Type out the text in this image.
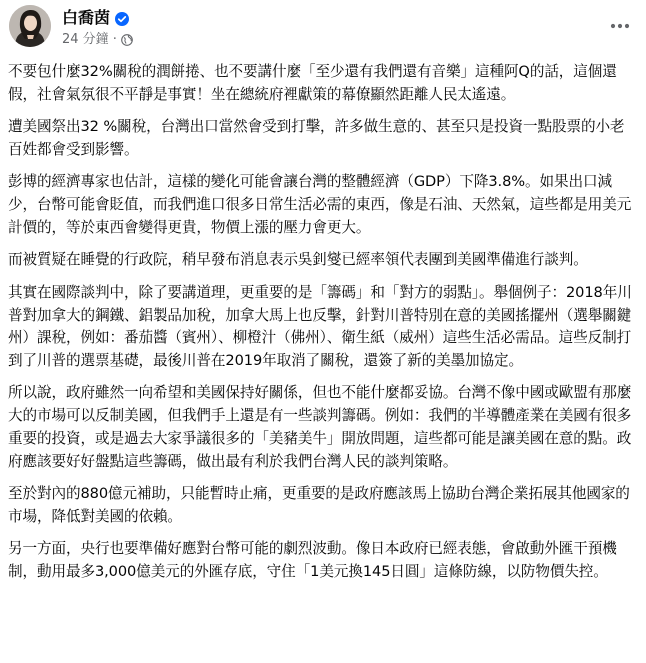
白喬茵
24 分鐘 ·

不要包什麼32%關稅的潤餅捲、也不要講什麼「至少還有我們還有音樂」這種阿Q的話，這個還假，社會氣氛很不平靜是事實！坐在總統府裡獻策的幕僚顯然距離人民太遙遠。

遭美國祭出32 %關稅，台灣出口當然會受到打擊，許多做生意的、甚至只是投資一點股票的小老百姓都會受到影響。

彭博的經濟專家也估計，這樣的變化可能會讓台灣的整體經濟（GDP）下降3.8%。如果出口減少，台幣可能會貶值，而我們進口很多日常生活必需的東西，像是石油、天然氣，這些都是用美元計價的，等於東西會變得更貴，物價上漲的壓力會更大。

而被質疑在睡覺的行政院，稍早發布消息表示吳釗燮已經率領代表團到美國準備進行談判。

其實在國際談判中，除了要講道理，更重要的是「籌碼」和「對方的弱點」。舉個例子：2018年川普對加拿大的鋼鐵、鋁製品加稅，加拿大馬上也反擊，針對川普特別在意的美國搖擺州（選舉關鍵州）課稅，例如：番茄醬（賓州）、柳橙汁（佛州）、衛生紙（威州）這些生活必需品。這些反制打到了川普的選票基礎，最後川普在2019年取消了關稅，還簽了新的美墨加協定。

所以說，政府雖然一向希望和美國保持好關係，但也不能什麼都妥協。台灣不像中國或歐盟有那麼大的市場可以反制美國，但我們手上還是有一些談判籌碼。例如：我們的半導體產業在美國有很多重要的投資，或是過去大家爭議很多的「美豬美牛」開放問題，這些都可能是讓美國在意的點。政府應該要好好盤點這些籌碼，做出最有利於我們台灣人民的談判策略。

至於對內的880億元補助，只能暫時止痛，更重要的是政府應該馬上協助台灣企業拓展其他國家的市場，降低對美國的依賴。

另一方面，央行也要準備好應對台幣可能的劇烈波動。像日本政府已經表態，會啟動外匯干預機制，動用最多3,000億美元的外匯存底，守住「1美元換145日圓」這條防線，以防物價失控。
